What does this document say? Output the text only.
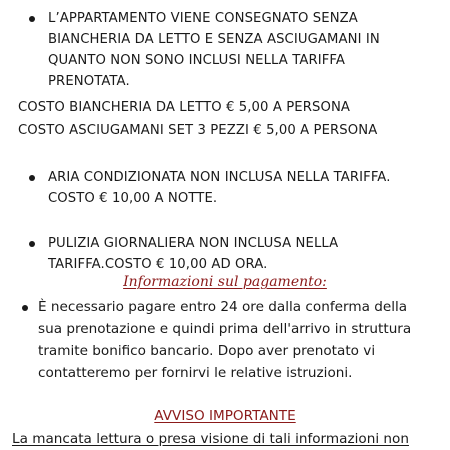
L’APPARTAMENTO VIENE CONSEGNATO SENZA
BIANCHERIA DA LETTO E SENZA ASCIUGAMANI IN
QUANTO NON SONO INCLUSI NELLA TARIFFA
PRENOTATA.
COSTO BIANCHERIA DA LETTO € 5,00 A PERSONA
COSTO ASCIUGAMANI SET 3 PEZZI € 5,00 A PERSONA
ARIA CONDIZIONATA NON INCLUSA NELLA TARIFFA.
COSTO € 10,00 A NOTTE.
PULIZIA GIORNALIERA NON INCLUSA NELLA
TARIFFA.COSTO € 10,00 AD ORA.
Informazioni sul pagamento:
È necessario pagare entro 24 ore dalla conferma della
sua prenotazione e quindi prima dell'arrivo in struttura
tramite bonifico bancario. Dopo aver prenotato vi
contatteremo per fornirvi le relative istruzioni.
AVVISO IMPORTANTE
La mancata lettura o presa visione di tali informazioni non
